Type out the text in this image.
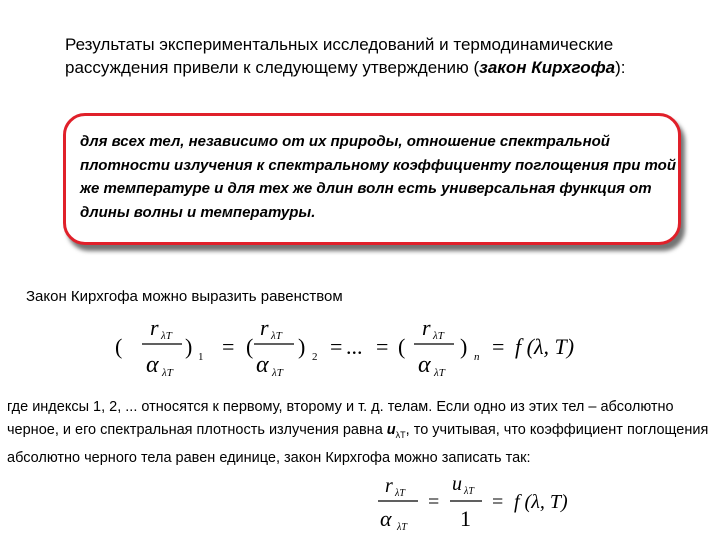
Результаты экспериментальных исследований и термодинамические рассуждения привели к следующему утверждению (закон Кирхгофа):
для всех тел, независимо от их природы, отношение спектральной плотности излучения к спектральному коэффициенту поглощения при той же температуре и для тех же длин волн есть универсальная функция от длины волны и температуры.
Закон Кирхгофа можно выразить равенством
(
r λT
α λT
) 1 = (
r λT
α λT
) 2 = ... = (
r λT
α λT
) n = f (λ, T)
где индексы 1, 2, ... относятся к первому, второму и т. д. телам. Если одно из этих тел – абсолютно черное, и его спектральная плотность излучения равна $u_{\lambda T}$, то учитывая, что коэффициент поглощения абсолютно черного тела равен единице, закон Кирхгофа можно записать так:
r λT
α λT
=
u λT
1
= f (λ, T)
